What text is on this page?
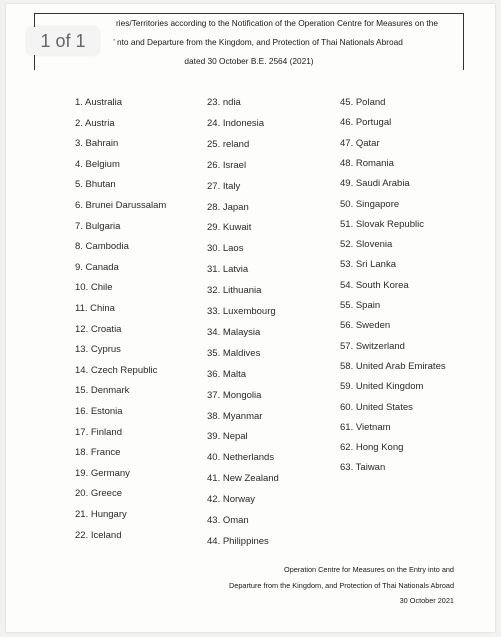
ries/Territories according to the Notification of the Operation Centre for Measures on the
’ nto and Departure from the Kingdom, and Protection of Thai Nationals Abroad
dated 30 October B.E. 2564 (2021)
1 of 1
1. Australia
2. Austria
3. Bahrain
4. Belgium
5. Bhutan
6. Brunei Darussalam
7. Bulgaria
8. Cambodia
9. Canada
10. Chile
11. China
12. Croatia
13. Cyprus
14. Czech Republic
15. Denmark
16. Estonia
17. Finland
18. France
19. Germany
20. Greece
21. Hungary
22. Iceland
23. ndia
24. Indonesia
25. reland
26. Israel
27. Italy
28. Japan
29. Kuwait
30. Laos
31. Latvia
32. Lithuania
33. Luxembourg
34. Malaysia
35. Maldives
36. Malta
37. Mongolia
38. Myanmar
39. Nepal
40. Netherlands
41. New Zealand
42. Norway
43. Oman
44. Philippines
45. Poland
46. Portugal
47. Qatar
48. Romania
49. Saudi Arabia
50. Singapore
51. Slovak Republic
52. Slovenia
53. Sri Lanka
54. South Korea
55. Spain
56. Sweden
57. Switzerland
58. United Arab Emirates
59. United Kingdom
60. United States
61. Vietnam
62. Hong Kong
63. Taiwan
Operation Centre for Measures on the Entry into and
Departure from the Kingdom, and Protection of Thai Nationals Abroad
30 October 2021
